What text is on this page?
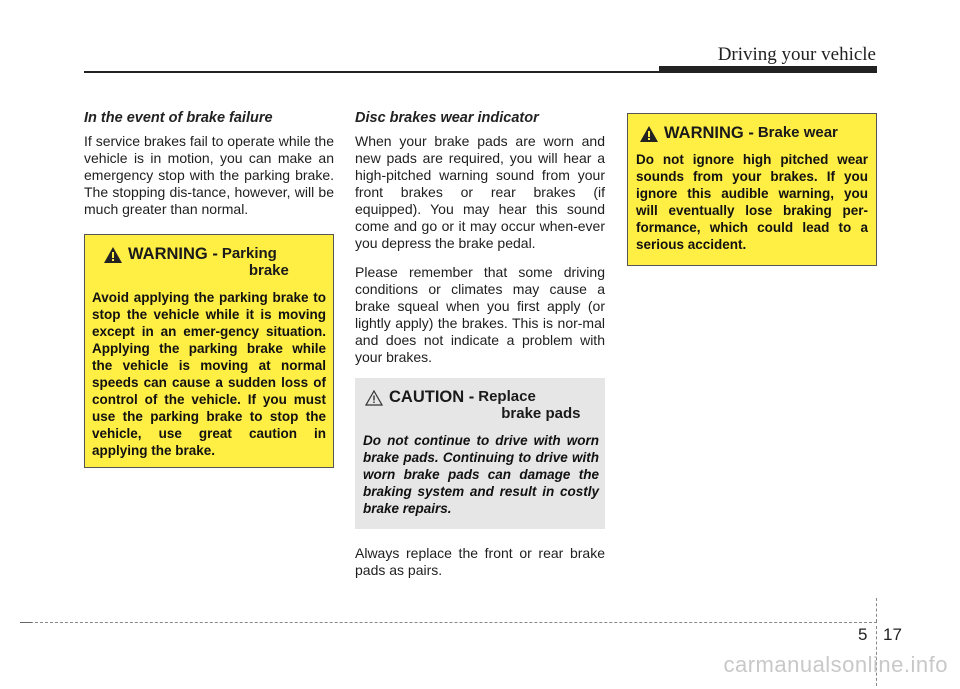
Driving your vehicle
In the event of brake failure

If service brakes fail to operate while the vehicle is in motion, you can make an emergency stop with the parking brake. The stopping dis-tance, however, will be much greater than normal.

WARNING - Parking
brake

Avoid applying the parking brake to stop the vehicle while it is moving except in an emer-gency situation. Applying the parking brake while the vehicle is moving at normal speeds can cause a sudden loss of control of the vehicle. If you must use the parking brake to stop the vehicle, use great caution in applying the brake.

Disc brakes wear indicator

When your brake pads are worn and new pads are required, you will hear a high-pitched warning sound from your front brakes or rear brakes (if equipped). You may hear this sound come and go or it may occur when-ever you depress the brake pedal.

Please remember that some driving conditions or climates may cause a brake squeal when you first apply (or lightly apply) the brakes. This is nor-mal and does not indicate a problem with your brakes.

CAUTION - Replace
brake pads

Do not continue to drive with worn brake pads. Continuing to drive with worn brake pads can damage the braking system and result in costly brake repairs.

Always replace the front or rear brake pads as pairs.

WARNING - Brake wear

Do not ignore high pitched wear sounds from your brakes. If you ignore this audible warning, you will eventually lose braking per-formance, which could lead to a serious accident.

5 17
carmanualsonline.info
